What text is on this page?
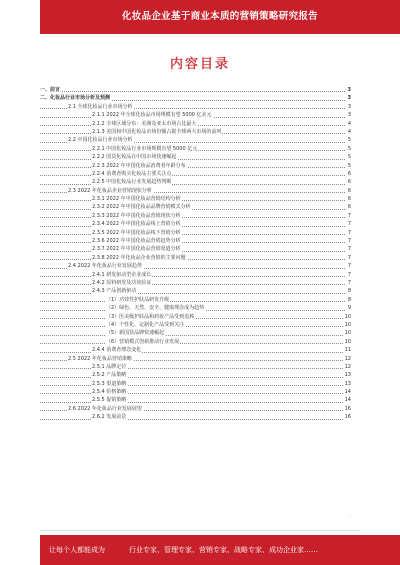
化妆品企业基于商业本质的营销策略研究报告
内容目录
一、前言	3
二、化妆品行业市场分析及预测	3
2.1 全球化妆品行业市场分析	3
2.1.1 2022 年全球化妆品市场规模有望 5000 亿美元	3
2.1.2 全球区域分布：美洲及亚太市场占比最大	4
2.1.3 美国和中国化妆品市场份额占据全球两大市场的前列	4
2.2 中国化妆品行业市场分析	5
2.2.1 中国化妆品行业市场规模有望 5000 亿元	5
2.2.2 国货化妆品在中国市场快速崛起	5
2.2.3 2022 年中国化妆品消费者年龄分布	5
2.2.4 消费者购买化妆品主要关注点	6
2.2.5 中国化妆品行业发展趋势判断	6
2.3 2022 年化妆品企业营销现状分析	6
2.3.1 2022 年中国化妆品营销结构分析	6
2.3.2 2022 年中国化妆品品牌营销模式分析	6
2.3.3 2022 年中国化妆品营销现状分析	7
2.3.4 2022 年中国化妆品线上营销分析	7
2.3.5 2022 年中国化妆品线下营销分析	7
2.3.6 2022 年中国化妆品营销趋势分析	7
2.3.7 2022 年中国化妆品营销渠道分析	7
2.3.8 2022 年化妆品企业营销的主要问题	7
2.4 2022 年化妆品行业发展趋势	7
2.4.1 研发驱动型企业成长	7
2.4.2 原料研发及功效验证	7
2.4.3 产品创新驱动	8
（1）功效性护肤品研发升级	8
（2）绿色、天然、安全、健康理念成为趋势	9
（3）医美级护肤品和药妆产品受到追捧	10
（4）个性化、定制化产品受到关注	10
（5）新国货品牌快速崛起	10
（6）营销模式创新推动行业发展	10
2.4.4 消费者理念变化	11
2.5 2022 年化妆品营销策略	12
2.5.1 品牌定位	12
2.5.2 产品策略	13
2.5.3 渠道策略	13
2.5.4 价格策略	14
2.5.5 促销策略	14
2.6 2022 年化妆品行业发展展望	16
2.6.1 发展前景	16
·
让每个人都能成为	行业专家、管理专家、营销专家、战略专家、成功企业家……
